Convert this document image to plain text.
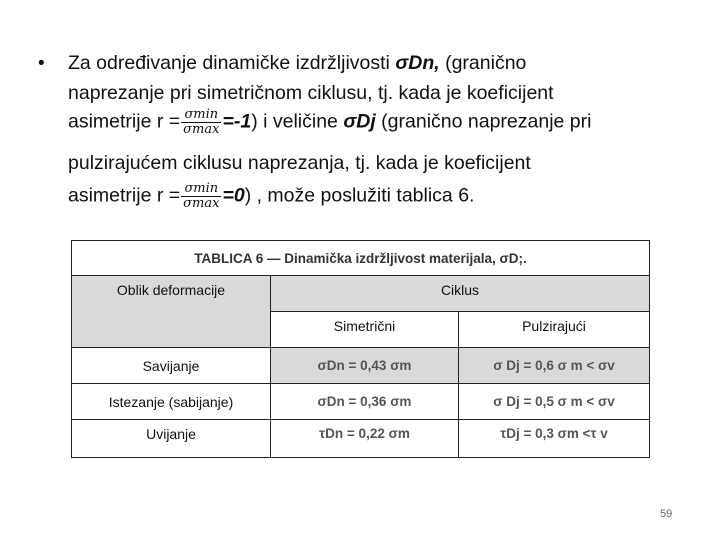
• Za određivanje dinamičke izdržljivosti σDn, (granično
naprezanje pri simetričnom ciklusu, tj. kada je koeficijent
asimetrije $r = \frac{\sigma\min}{\sigma\max} =-1$) i veličine σDj (granično naprezanje pri
pulzirajućem ciklusu naprezanja, tj. kada je koeficijent
asimetrije $r = \frac{\sigma\min}{\sigma\max} =0$) , može poslužiti tablica 6.
TABLICA 6 — Dinamička izdržljivost materijala, σD;.		
Oblik deformacije	Ciklus	
	Simetrični	Pulzirajući
Savijanje	σDn = 0,43 σm	σ Dj = 0,6 σ m < σv
Istezanje (sabijanje)	σDn = 0,36 σm	σ Dj = 0,5 σ m < σv
Uvijanje	τDn = 0,22 σm	τDj = 0,3 σm <τ v
59
